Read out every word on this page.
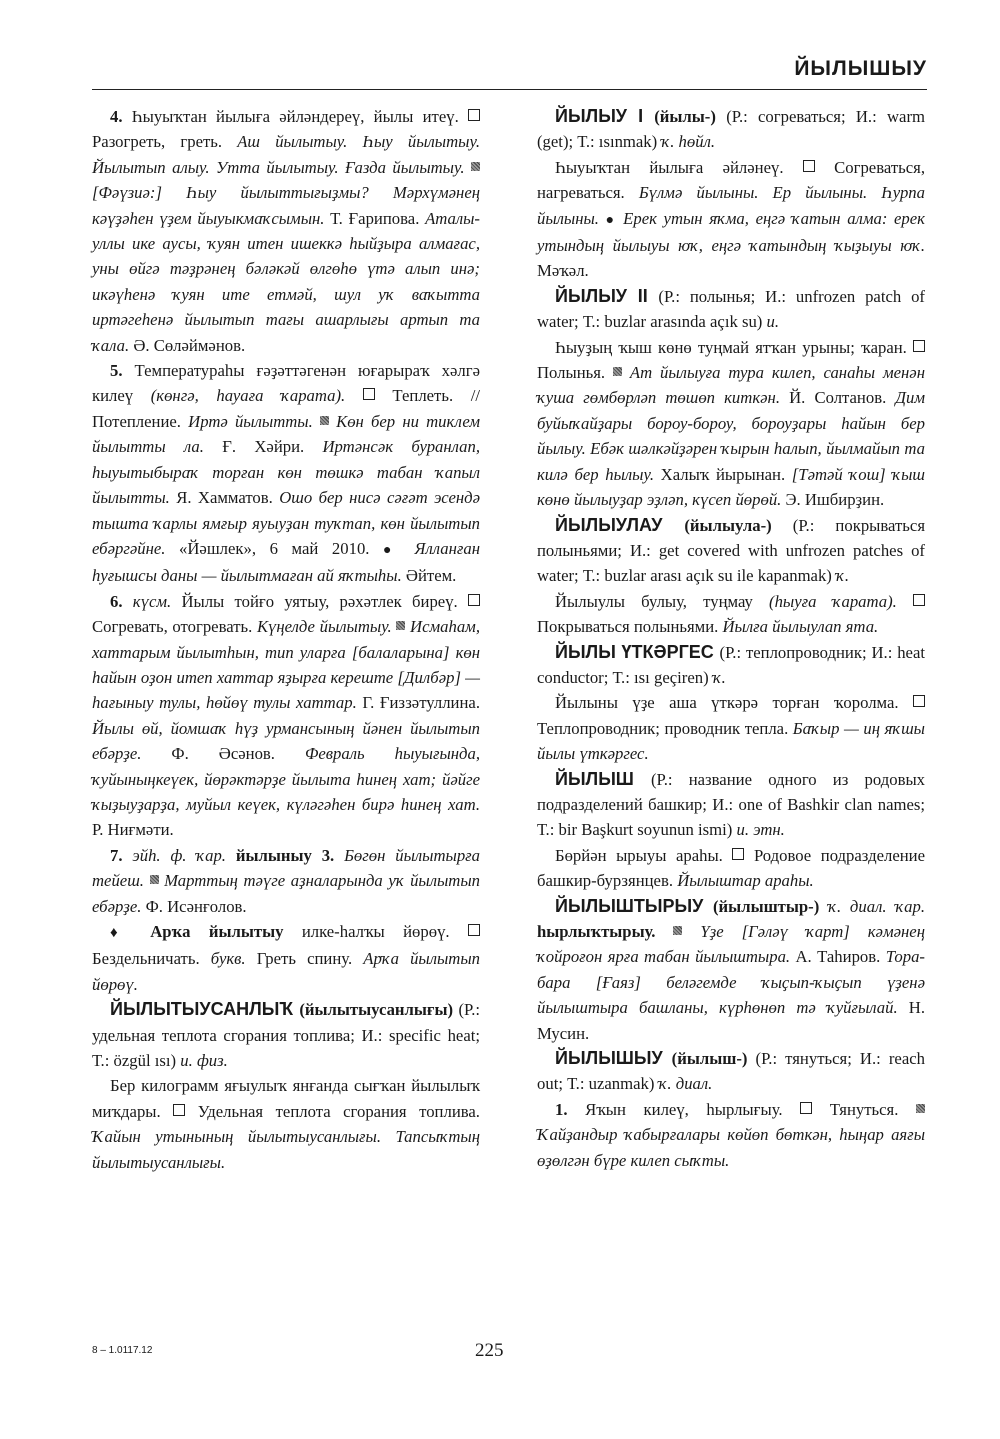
ЙЫЛЫШЫУ

4. Һыуыҡтан йылыға әйләндереү, йылы итеү.  Разогреть, греть. Аш йылытыу. Һыу йылытыу. Йылытып алыу. Утта йылытыу. Ғазда йылытыу.  [Фәүзиә:] Һыу йылыттығыҙмы? Мәрхүмәнең кәүҙәһен үҙем йыуыкмаҡсымын. Т. Ғарипова. Аталы-уллы ике аусы, ҡуян итен ишеккә һыйҙыра алмағас, уны өйгә тәҙрәнең бәләкәй өлгөһө үтә алып инә; икәүһенә ҡуян ите етмәй, шул уҡ ваҡытта иртәгеһенә йылытып тағы ашарлығы артып та ҡала. Ә. Сөләймәнов.

5. Температураһы ғәҙәттәгенән юғарыраҡ хәлгә килеү (көнгә, һауаға ҡарата).  Теплеть. // Потепление. Иртә йылытты.  Көн бер ни тиклем йылытты ла. Ғ. Хәйри. Иртәнсәк буранлап, һыуытыбыраҡ торған көн төшкә табан ҡапыл йылытты. Я. Хамматов. Ошо бер нисә сәғәт эсендә тышта ҡарлы ямғыр яуыуҙан туҡтап, көн йылытып ебәргәйне. «Йәшлек», 6 май 2010. ● Ялланған һуғышсы даны — йылытмаған ай яҡтыһы. Әйтем.

6. күсм. Йылы тойғо уятыу, рәхәтлек биреү.  Согревать, отогревать. Күңелде йылытыу.  Исмаһам, хаттарым йылытһын, тип уларға [балаларына] көн һайын оҙон итеп хаттар яҙырға кереште [Дилбәр] — һағыныу тулы, һөйөү тулы хаттар. Г. Ғиззәтуллина. Йылы өй, йомшаҡ һүҙ урмансының йәнен йылытып ебәрҙе. Ф. Әсәнов. Февраль һыуығында, ҡуйыныңкеүек, йөрәктәрҙе йылыта һинең хат; йәйге ҡыҙыуҙарҙа, муйыл кеүек, күләгәһен бирә һинең хат. Р. Ниғмәти.

7. эйһ. ф. ҡар. йылыныу 3. Бөгөн йылытырға тейеш.  Марттың тәүге аҙналарында уҡ йылытып ебәрҙе. Ф. Исәнғолов.

♦ Арҡа йылытыу илке-һалҡы йөрөү.  Бездельничать. букв. Греть спину. Арҡа йылытып йөрөү.

ЙЫЛЫТЫУСАНЛЫҠ (йылытыусанлығы) (Р.: удельная теплота сгорания топлива; И.: specific heat; Т.: özgül ısı) и. физ.

Бер килограмм яғыулыҡ янғанда сығҡан йылылыҡ миҡдары.  Удельная теплота сгорания топлива. Ҡайын утынының йылытыусанлығы. Тапсыҡтың йылытыусанлығы.

ЙЫЛЫУ I (йылы-) (Р.: согреваться; И.: warm (get); Т.: ısınmak) ҡ. һөйл.

Һыуыҡтан йылыға әйләнеү.  Согреваться, нагреваться. Бүлмә йылыны. Ер йылыны. Һурпа йылыны. ● Ерек утын яҡма, еңгә ҡатын алма: ерек утындың йылыуы юҡ, еңгә ҡатындың ҡыҙыуы юҡ. Мәҡәл.

ЙЫЛЫУ II (Р.: полынья; И.: unfrozen patch of water; Т.: buzlar arasında açık su) и.

Һыуҙың ҡыш көнө туңмай ятҡан урыны; ҡаран.  Полынья.  Ат йылыуға тура килеп, санаһы менән ҡуша гөмбөрләп төшөп киткән. Й. Солтанов. Дим буйыҡайҙары бороу-бороу, бороуҙары һайын бер йылыу. Ебәк шәлкәйҙәрен ҡырын һалып, йылмайып та килә бер һылыу. Халыҡ йырынан. [Тәтәй ҡош] ҡыш көнө йылыуҙар эҙләп, күсеп йөрөй. Э. Ишбирҙин.

ЙЫЛЫУЛАУ (йылыула-) (Р.: покрываться полыньями; И.: get covered with unfrozen patches of water; Т.: buzlar arası açık su ile kapanmak) ҡ.

Йылыулы булыу, туңмау (һыуға ҡарата).  Покрываться полыньями. Йылға йылыулап ята.

ЙЫЛЫ ҮТКӘРГЕС (Р.: теплопроводник; И.: heat conductor; Т.: ısı geçiren) ҡ.

Йылыны үҙе аша үткәрә торған ҡоролма.  Теплопроводник; проводник тепла. Баҡыр — иң яҡшы йылы үткәргес.

ЙЫЛЫШ (Р.: название одного из родовых подразделений башкир; И.: one of Bashkir clan names; Т.: bir Başkurt soyunun ismi) и. этн.

Бөрйән ырыуы араһы.  Родовое подразделение башкир-бурзянцев. Йылыштар араһы.

ЙЫЛЫШТЫРЫУ (йылыштыр-) ҡ. диал. ҡар. һырлыҡтырыу.  Үҙе [Гәләү ҡарт] кәмәнең ҡойроғон ярға табан йылыштыра. А. Таһиров. Тора-бара [Ғаяз] беләгемде ҡыҫып-ҡыҫып үҙенә йылыштыра башланы, күрһөнөп тә ҡуйғылай. Н. Мусин.

ЙЫЛЫШЫУ (йылыш-) (Р.: тянуться; И.: reach out; Т.: uzanmak) ҡ. диал.

1. Яҡын килеү, һырлығыу.  Тянуться.  Ҡайҙандыр ҡабырғалары көйөп бөткән, һыңар аяғы өҙөлгән бүре килеп сыҡты.

8 – 1.0117.12	225
